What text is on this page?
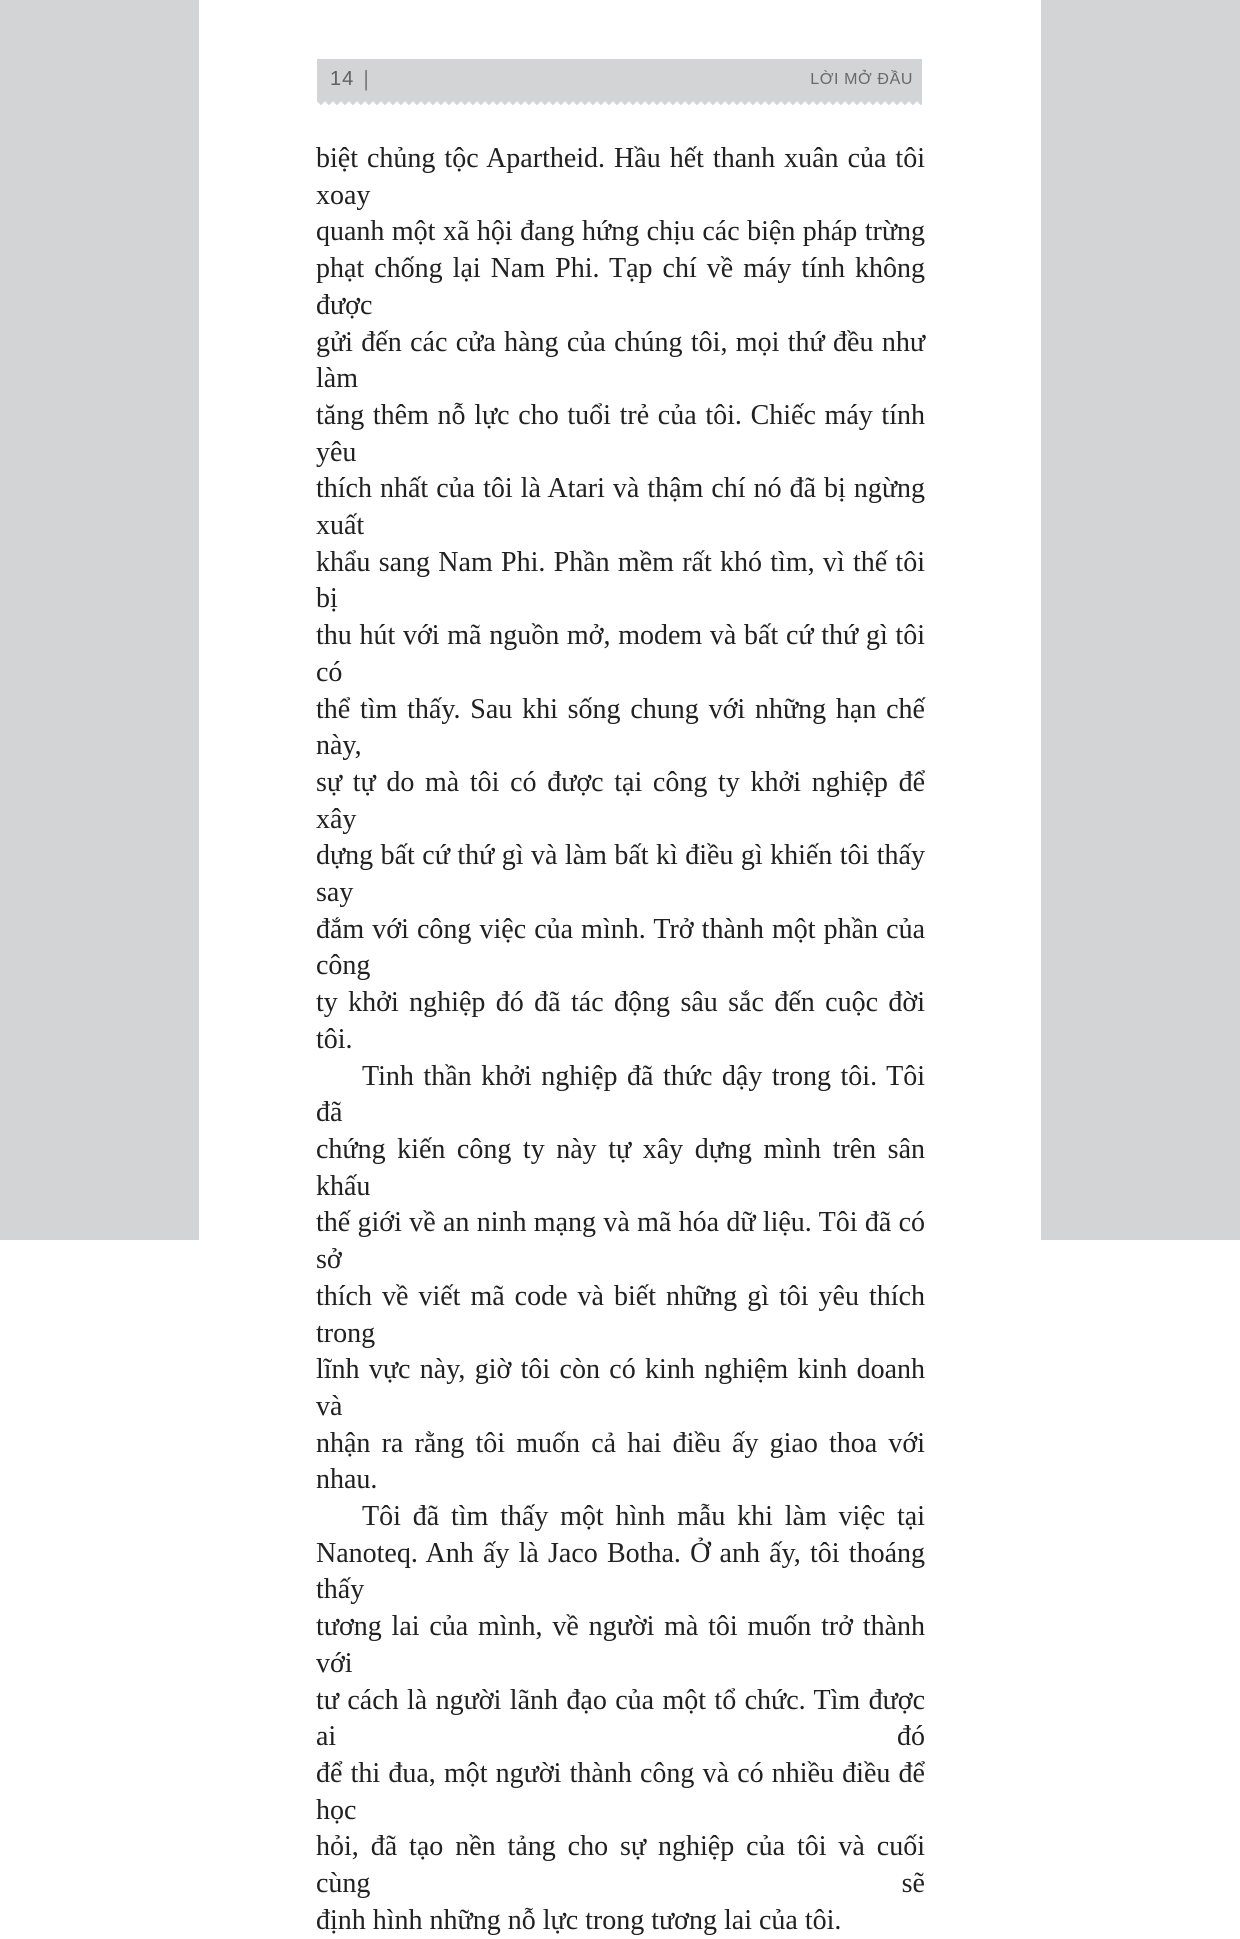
14 |	LỜI MỞ ĐẦU
biệt chủng tộc Apartheid. Hầu hết thanh xuân của tôi xoay
quanh một xã hội đang hứng chịu các biện pháp trừng
phạt chống lại Nam Phi. Tạp chí về máy tính không được
gửi đến các cửa hàng của chúng tôi, mọi thứ đều như làm
tăng thêm nỗ lực cho tuổi trẻ của tôi. Chiếc máy tính yêu
thích nhất của tôi là Atari và thậm chí nó đã bị ngừng xuất
khẩu sang Nam Phi. Phần mềm rất khó tìm, vì thế tôi bị
thu hút với mã nguồn mở, modem và bất cứ thứ gì tôi có
thể tìm thấy. Sau khi sống chung với những hạn chế này,
sự tự do mà tôi có được tại công ty khởi nghiệp để xây
dựng bất cứ thứ gì và làm bất kì điều gì khiến tôi thấy say
đắm với công việc của mình. Trở thành một phần của công
ty khởi nghiệp đó đã tác động sâu sắc đến cuộc đời tôi.
Tinh thần khởi nghiệp đã thức dậy trong tôi. Tôi đã
chứng kiến công ty này tự xây dựng mình trên sân khấu
thế giới về an ninh mạng và mã hóa dữ liệu. Tôi đã có sở
thích về viết mã code và biết những gì tôi yêu thích trong
lĩnh vực này, giờ tôi còn có kinh nghiệm kinh doanh và
nhận ra rằng tôi muốn cả hai điều ấy giao thoa với nhau.
Tôi đã tìm thấy một hình mẫu khi làm việc tại
Nanoteq. Anh ấy là Jaco Botha. Ở anh ấy, tôi thoáng thấy
tương lai của mình, về người mà tôi muốn trở thành với
tư cách là người lãnh đạo của một tổ chức. Tìm được ai đó
để thi đua, một người thành công và có nhiều điều để học
hỏi, đã tạo nền tảng cho sự nghiệp của tôi và cuối cùng sẽ
định hình những nỗ lực trong tương lai của tôi.
